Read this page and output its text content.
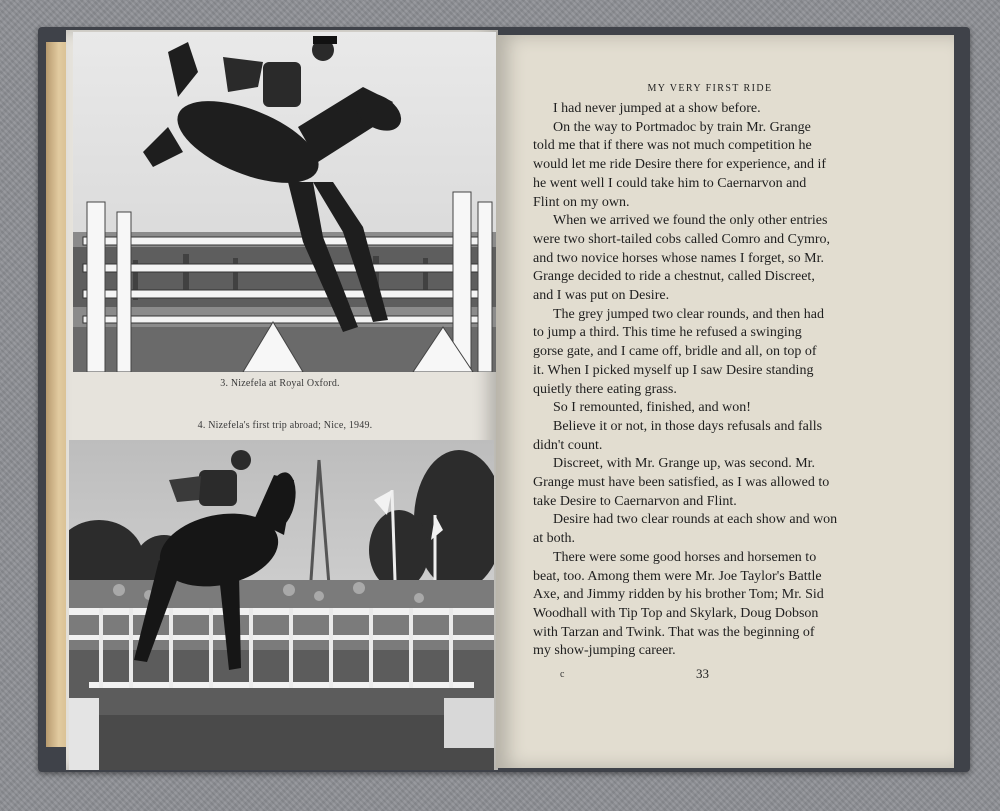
3. Nizefela at Royal Oxford.
4. Nizefela's first trip abroad; Nice, 1949.
MY VERY FIRST RIDE
I had never jumped at a show before.
On the way to Portmadoc by train Mr. Grange
told me that if there was not much competition he
would let me ride Desire there for experience, and if
he went well I could take him to Caernarvon and
Flint on my own.
When we arrived we found the only other entries
were two short-tailed cobs called Comro and Cymro,
and two novice horses whose names I forget, so Mr.
Grange decided to ride a chestnut, called Discreet,
and I was put on Desire.
The grey jumped two clear rounds, and then had
to jump a third. This time he refused a swinging
gorse gate, and I came off, bridle and all, on top of
it. When I picked myself up I saw Desire standing
quietly there eating grass.
So I remounted, finished, and won!
Believe it or not, in those days refusals and falls
didn't count.
Discreet, with Mr. Grange up, was second. Mr.
Grange must have been satisfied, as I was allowed to
take Desire to Caernarvon and Flint.
Desire had two clear rounds at each show and won
at both.
There were some good horses and horsemen to
beat, too. Among them were Mr. Joe Taylor's Battle
Axe, and Jimmy ridden by his brother Tom; Mr. Sid
Woodhall with Tip Top and Skylark, Doug Dobson
with Tarzan and Twink. That was the beginning of
my show-jumping career.
c	33
